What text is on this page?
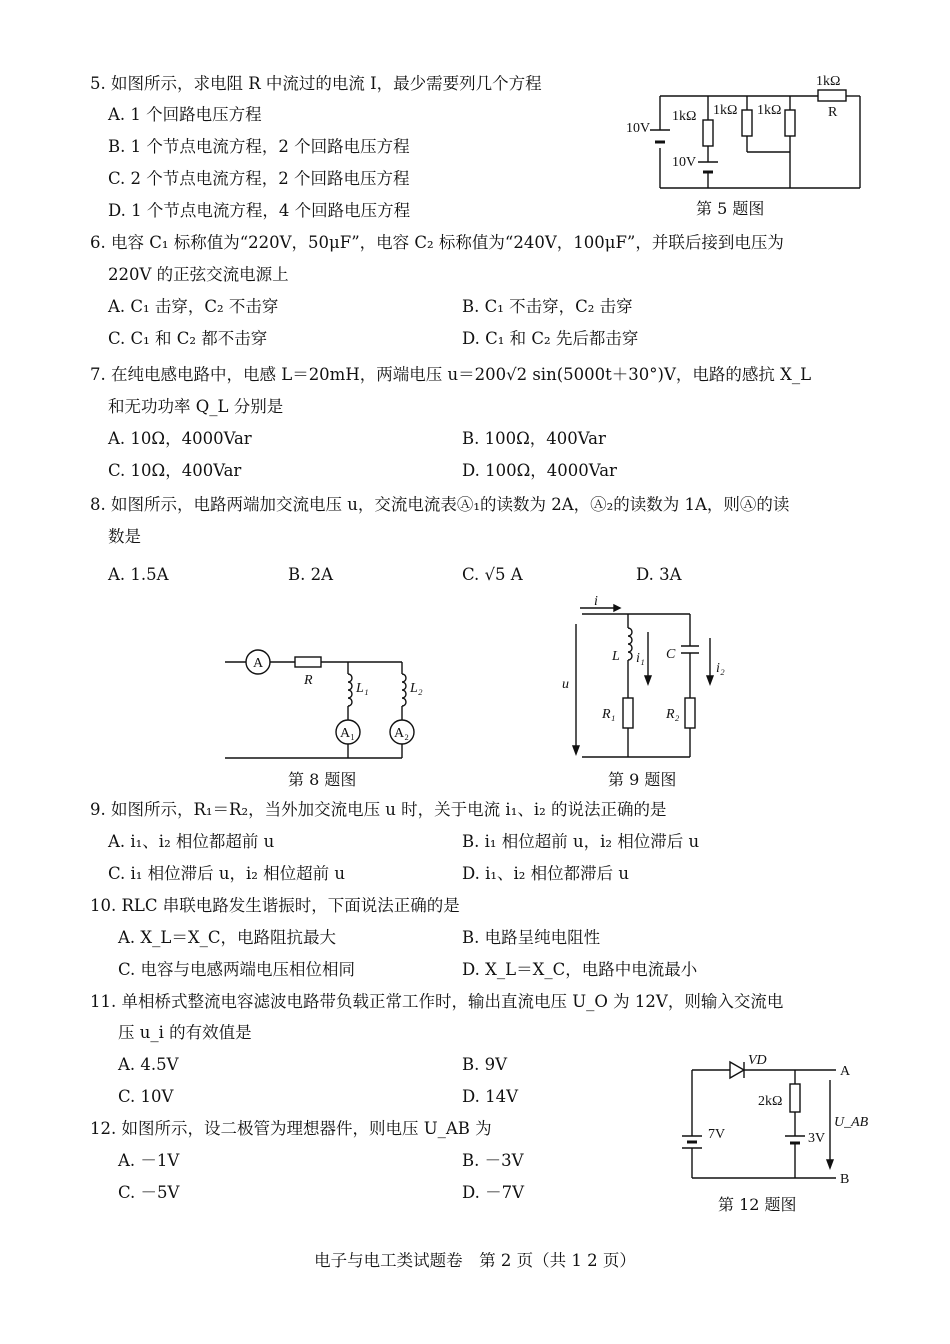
5. 如图所示，求电阻 R 中流过的电流 I，最少需要列几个方程
A. 1 个回路电压方程
B. 1 个节点电流方程，2 个回路电压方程
C. 2 个节点电流方程，2 个回路电压方程
D. 1 个节点电流方程，4 个回路电压方程
10V
10V
1kΩ 1kΩ 1kΩ
1kΩ
R
第 5 题图
6. 电容 C₁ 标称值为“220V，50μF”，电容 C₂ 标称值为“240V，100μF”，并联后接到电压为
220V 的正弦交流电源上
A. C₁ 击穿，C₂ 不击穿	B. C₁ 不击穿，C₂ 击穿
C. C₁ 和 C₂ 都不击穿	D. C₁ 和 C₂ 先后都击穿
7. 在纯电感电路中，电感 L＝20mH，两端电压 u＝200√2 sin(5000t＋30°)V，电路的感抗 X_L
和无功功率 Q_L 分别是
A. 10Ω，4000Var	B. 100Ω，400Var
C. 10Ω，400Var	D. 100Ω，4000Var
8. 如图所示，电路两端加交流电压 u，交流电流表Ⓐ₁的读数为 2A，Ⓐ₂的读数为 1A，则Ⓐ的读
数是
A. 1.5A	B. 2A	C. √5 A	D. 3A
A
A₁	A₂
R
L₁	L₂
第 8 题图
i
u
L	C
i₁
i₂
R₁	R₂
第 9 题图
9. 如图所示，R₁＝R₂，当外加交流电压 u 时，关于电流 i₁、i₂ 的说法正确的是
A. i₁、i₂ 相位都超前 u	B. i₁ 相位超前 u，i₂ 相位滞后 u
C. i₁ 相位滞后 u，i₂ 相位超前 u	D. i₁、i₂ 相位都滞后 u
10. RLC 串联电路发生谐振时，下面说法正确的是
A. X_L＝X_C，电路阻抗最大	B. 电路呈纯电阻性
C. 电容与电感两端电压相位相同	D. X_L＝X_C，电路中电流最小
11. 单相桥式整流电容滤波电路带负载正常工作时，输出直流电压 U_O 为 12V，则输入交流电
压 u_i 的有效值是
A. 4.5V	B. 9V
C. 10V	D. 14V
12. 如图所示，设二极管为理想器件，则电压 U_AB 为
A. －1V	B. －3V
C. －5V	D. －7V
VD
A
B
2kΩ
7V	3V
U_AB
第 12 题图
电子与电工类试题卷　第 2 页（共 1 2 页）
